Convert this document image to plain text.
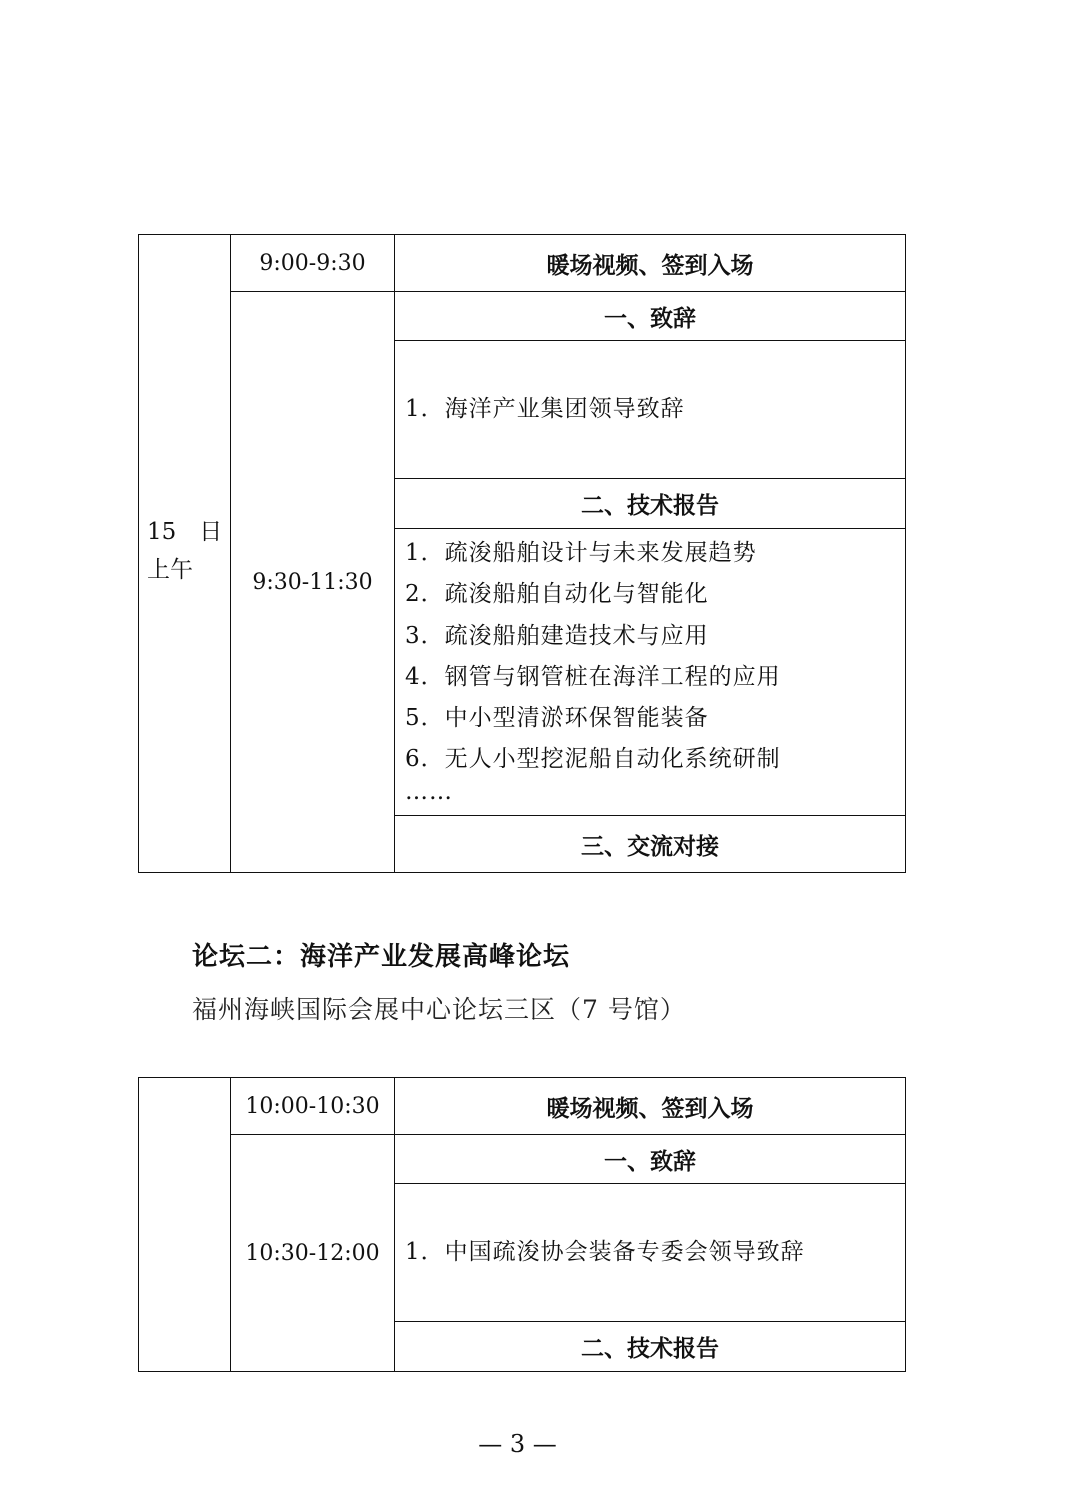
15　日上午
9:00-9:30	暖场视频、签到入场
9:30-11:30
一、致辞
1．海洋产业集团领导致辞
二、技术报告
1．疏浚船舶设计与未来发展趋势
2．疏浚船舶自动化与智能化
3．疏浚船舶建造技术与应用
4．钢管与钢管桩在海洋工程的应用
5．中小型清淤环保智能装备
6．无人小型挖泥船自动化系统研制
……
三、交流对接
论坛二：海洋产业发展高峰论坛
福州海峡国际会展中心论坛三区（7 号馆）
10:00-10:30	暖场视频、签到入场
10:30-12:00
一、致辞
1．中国疏浚协会装备专委会领导致辞
二、技术报告
— 3 —
